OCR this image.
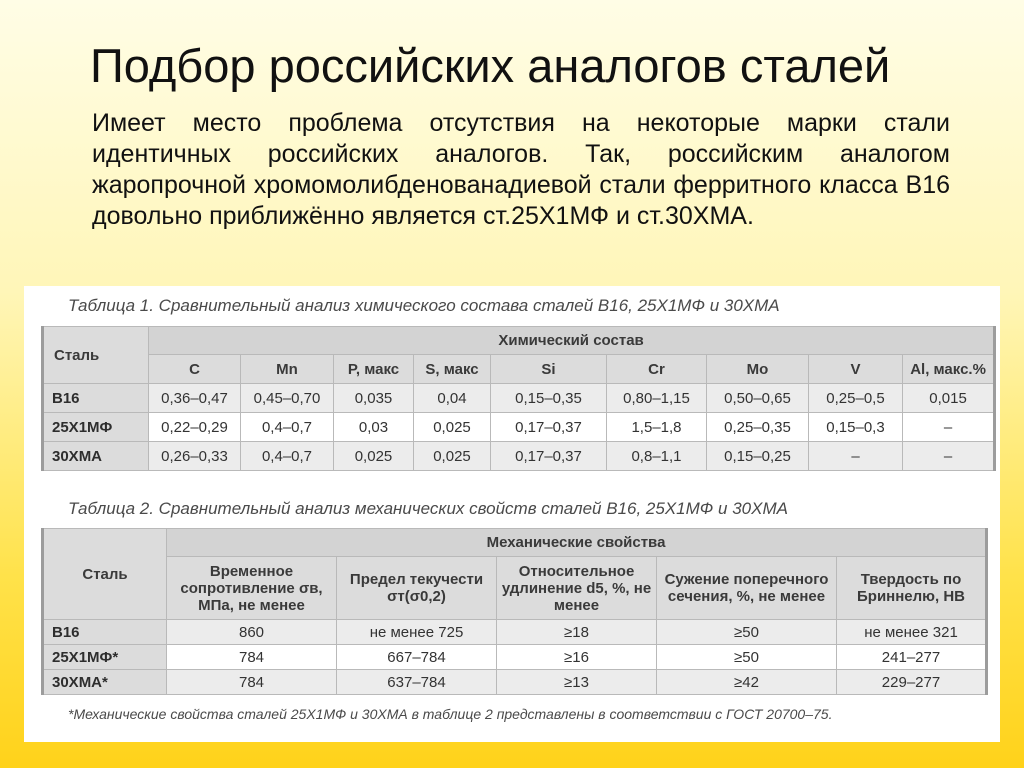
Подбор российских аналогов сталей
Имеет место проблема отсутствия на некоторые марки стали идентичных российских аналогов. Так, российским аналогом жаропрочной хромомолибденованадиевой стали ферритного класса В16 довольно приближённо является ст.25Х1МФ и ст.30ХМА.
Таблица 1. Сравнительный анализ химического состава сталей В16, 25Х1МФ и 30ХМА
Сталь	Химический состав								
	C	Mn	P, макс	S, макс	Si	Cr	Mo	V	Al, макс.%
В16	0,36–0,47	0,45–0,70	0,035	0,04	0,15–0,35	0,80–1,15	0,50–0,65	0,25–0,5	0,015
25Х1МФ	0,22–0,29	0,4–0,7	0,03	0,025	0,17–0,37	1,5–1,8	0,25–0,35	0,15–0,3	–
30ХМА	0,26–0,33	0,4–0,7	0,025	0,025	0,17–0,37	0,8–1,1	0,15–0,25	–	–
Таблица 2. Сравнительный анализ механических свойств сталей В16, 25Х1МФ и 30ХМА
Сталь	Механические свойства				
	Временное сопротивление σв, МПа, не менее	Предел текучести σт(σ0,2)	Относительное удлинение d5, %, не менее	Сужение поперечного сечения, %, не менее	Твердость по Бриннелю, НВ
В16	860	не менее 725	≥18	≥50	не менее 321
25Х1МФ*	784	667–784	≥16	≥50	241–277
30ХМА*	784	637–784	≥13	≥42	229–277
*Механические свойства сталей 25Х1МФ и 30ХМА в таблице 2 представлены в соответствии с ГОСТ 20700–75.
